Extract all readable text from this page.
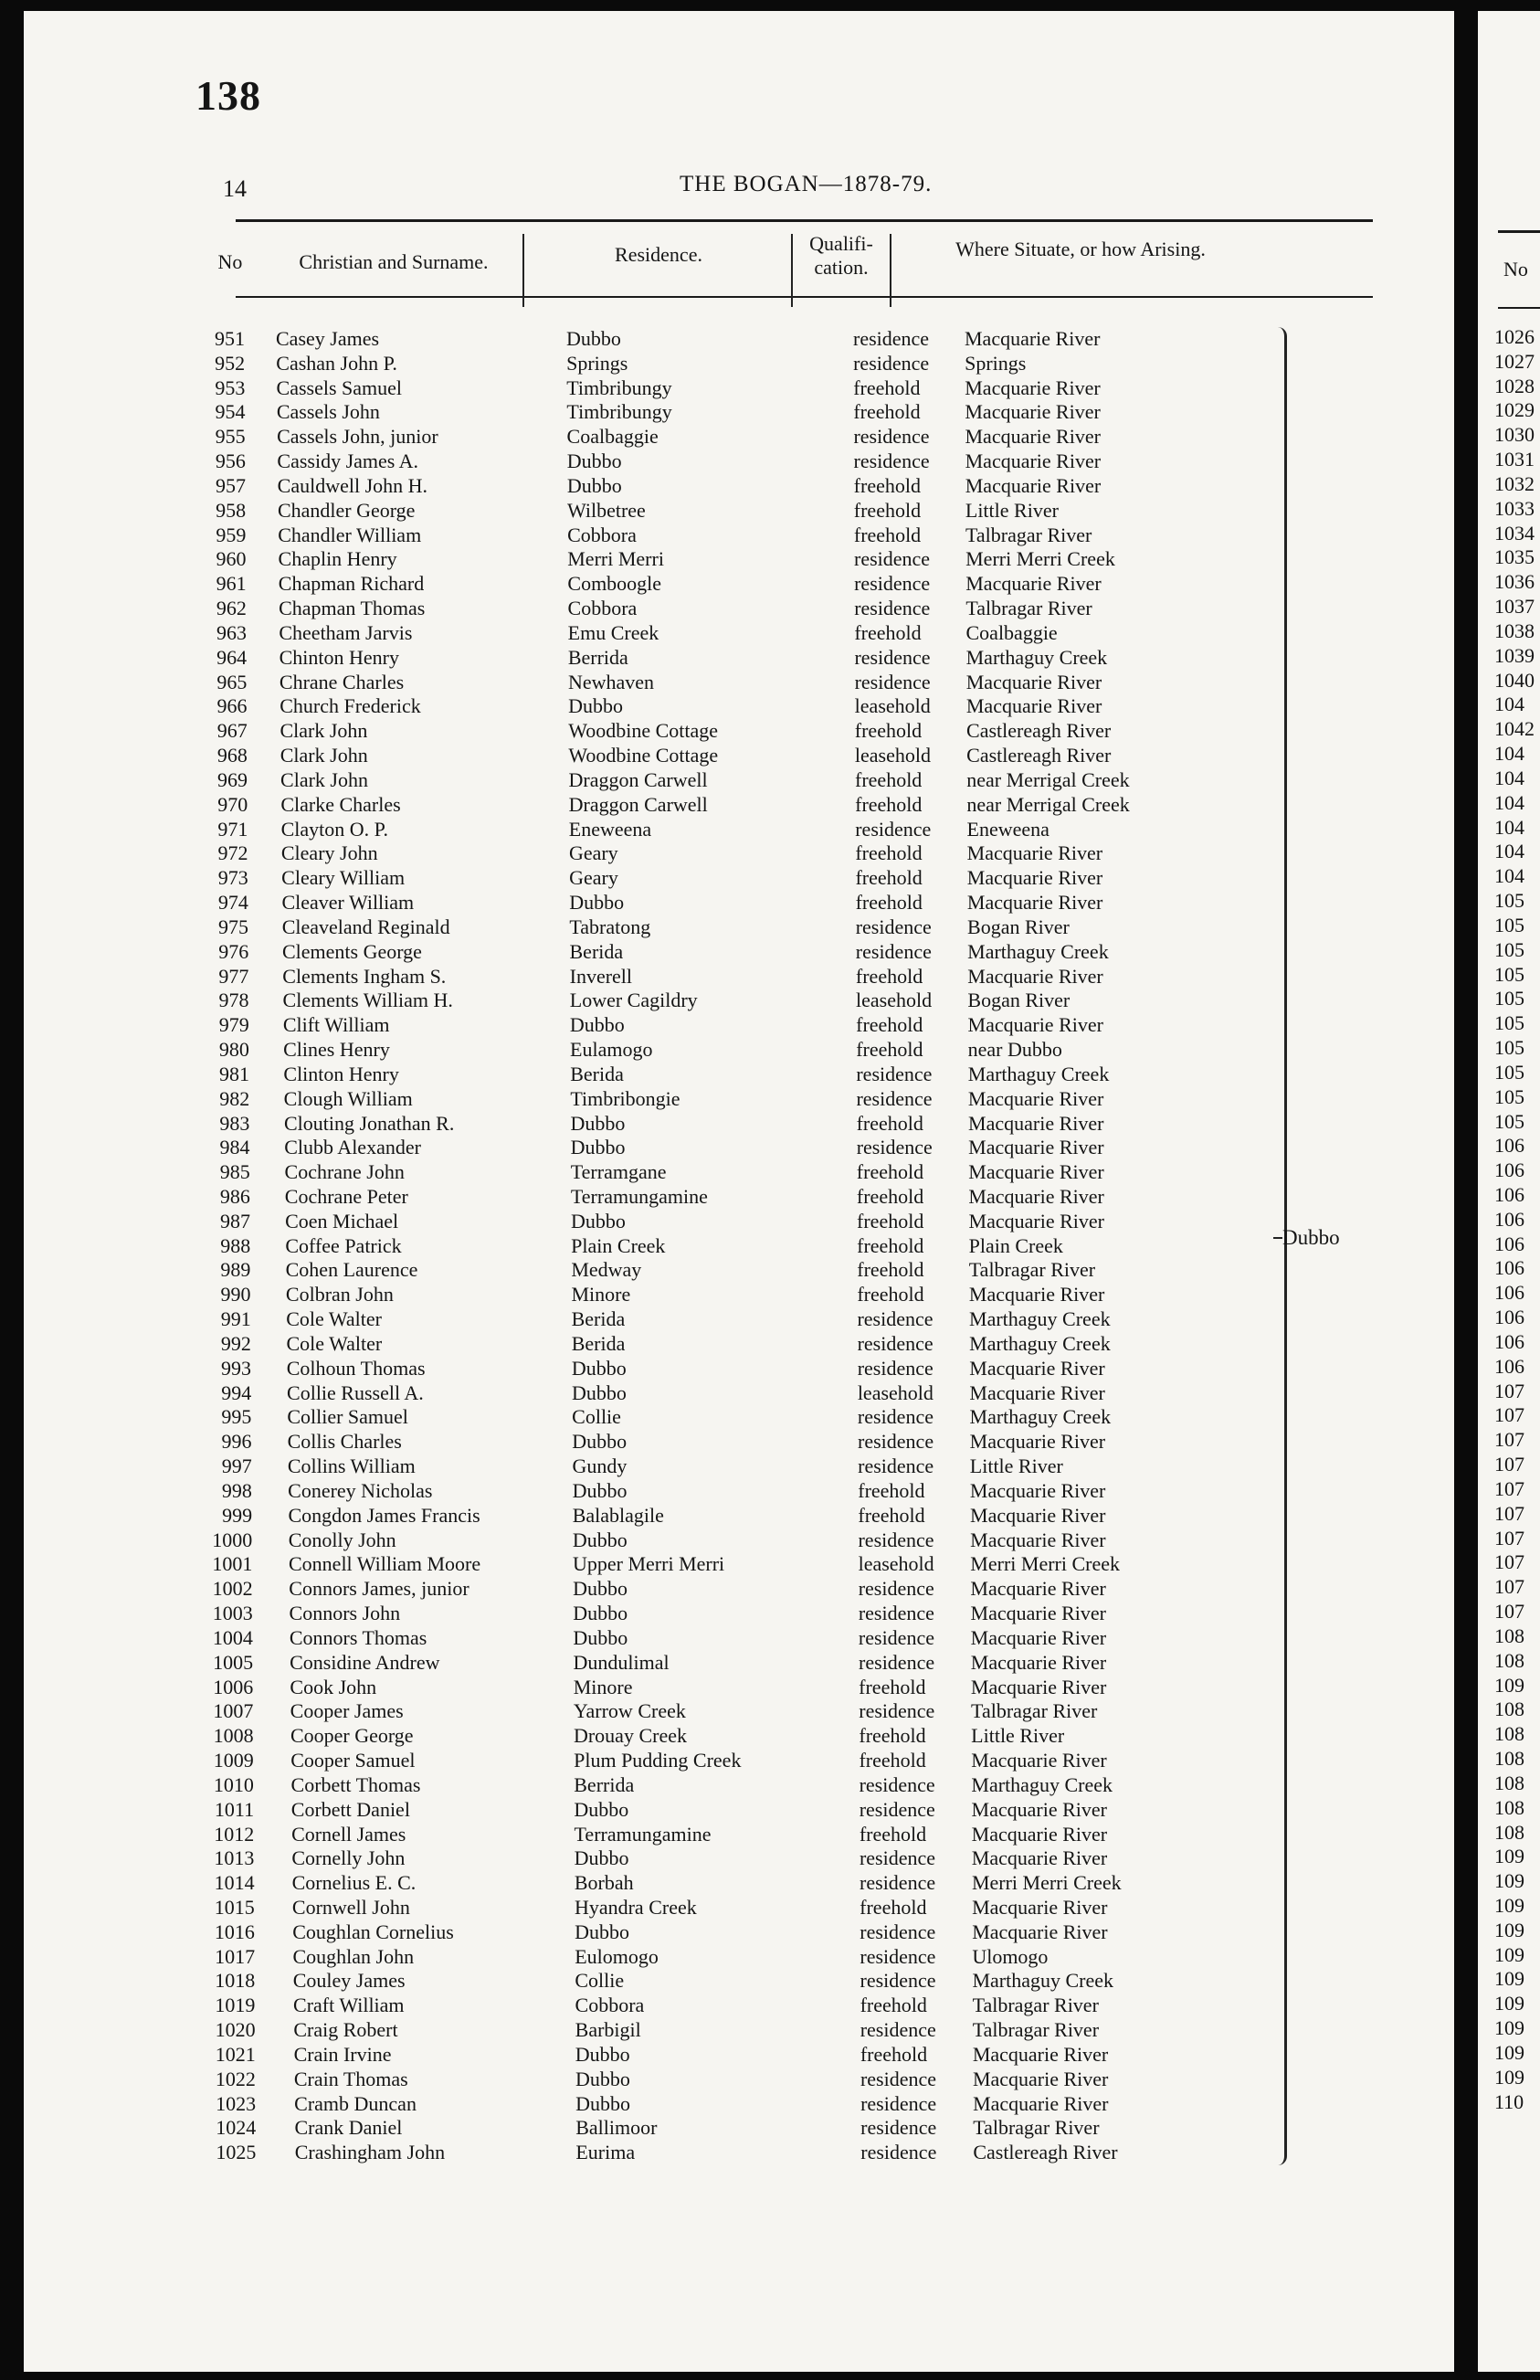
138
14	THE BOGAN—1878-79.
No	Christian and Surname.	Residence.	Qualifi-
cation.
Where Situate, or how Arising.
951 Casey James	Dubbo	residence Macquarie River
952 Cashan John P.	Springs	residence Springs
953 Cassels Samuel	Timbribungy	freehold Macquarie River
954 Cassels John	Timbribungy	freehold Macquarie River
955 Cassels John, junior	Coalbaggie	residence Macquarie River
956 Cassidy James A.	Dubbo	residence Macquarie River
957 Cauldwell John H.	Dubbo	freehold Macquarie River
958 Chandler George	Wilbetree	freehold Little River
959 Chandler William	Cobbora	freehold Talbragar River
960 Chaplin Henry	Merri Merri	residence Merri Merri Creek
961 Chapman Richard	Comboogle	residence Macquarie River
962 Chapman Thomas	Cobbora	residence Talbragar River
963 Cheetham Jarvis	Emu Creek	freehold Coalbaggie
964 Chinton Henry	Berrida	residence Marthaguy Creek
965 Chrane Charles	Newhaven	residence Macquarie River
966 Church Frederick	Dubbo	leasehold Macquarie River
967 Clark John	Woodbine Cottage	freehold Castlereagh River
968 Clark John	Woodbine Cottage	leasehold Castlereagh River
969 Clark John	Draggon Carwell	freehold near Merrigal Creek
970 Clarke Charles	Draggon Carwell	freehold near Merrigal Creek
971 Clayton O. P.	Eneweena	residence Eneweena
972 Cleary John	Geary	freehold Macquarie River
973 Cleary William	Geary	freehold Macquarie River
974 Cleaver William	Dubbo	freehold Macquarie River
975 Cleaveland Reginald	Tabratong	residence Bogan River
976 Clements George	Berida	residence Marthaguy Creek
977 Clements Ingham S.	Inverell	freehold Macquarie River
978 Clements William H.	Lower Cagildry	leasehold Bogan River
979 Clift William	Dubbo	freehold Macquarie River
980 Clines Henry	Eulamogo	freehold near Dubbo
981 Clinton Henry	Berida	residence Marthaguy Creek
982 Clough William	Timbribongie	residence Macquarie River
983 Clouting Jonathan R.	Dubbo	freehold Macquarie River
984 Clubb Alexander	Dubbo	residence Macquarie River
985 Cochrane John	Terramgane	freehold Macquarie River
986 Cochrane Peter	Terramungamine	freehold Macquarie River
987 Coen Michael	Dubbo	freehold Macquarie River
988 Coffee Patrick	Plain Creek	freehold Plain Creek
989 Cohen Laurence	Medway	freehold Talbragar River
990 Colbran John	Minore	freehold Macquarie River
991 Cole Walter	Berida	residence Marthaguy Creek
992 Cole Walter	Berida	residence Marthaguy Creek
993 Colhoun Thomas	Dubbo	residence Macquarie River
994 Collie Russell A.	Dubbo	leasehold Macquarie River
995 Collier Samuel	Collie	residence Marthaguy Creek
996 Collis Charles	Dubbo	residence Macquarie River
997 Collins William	Gundy	residence Little River
998 Conerey Nicholas	Dubbo	freehold Macquarie River
999 Congdon James Francis	Balablagile	freehold Macquarie River
1000 Conolly John	Dubbo	residence Macquarie River
1001 Connell William Moore	Upper Merri Merri	leasehold Merri Merri Creek
1002 Connors James, junior	Dubbo	residence Macquarie River
1003 Connors John	Dubbo	residence Macquarie River
1004 Connors Thomas	Dubbo	residence Macquarie River
1005 Considine Andrew	Dundulimal	residence Macquarie River
1006 Cook John	Minore	freehold Macquarie River
1007 Cooper James	Yarrow Creek	residence Talbragar River
1008 Cooper George	Drouay Creek	freehold Little River
1009 Cooper Samuel	Plum Pudding Creek	freehold Macquarie River
1010 Corbett Thomas	Berrida	residence Marthaguy Creek
1011 Corbett Daniel	Dubbo	residence Macquarie River
1012 Cornell James	Terramungamine	freehold Macquarie River
1013 Cornelly John	Dubbo	residence Macquarie River
1014 Cornelius E. C.	Borbah	residence Merri Merri Creek
1015 Cornwell John	Hyandra Creek	freehold Macquarie River
1016 Coughlan Cornelius	Dubbo	residence Macquarie River
1017 Coughlan John	Eulomogo	residence Ulomogo
1018 Couley James	Collie	residence Marthaguy Creek
1019 Craft William	Cobbora	freehold Talbragar River
1020 Craig Robert	Barbigil	residence Talbragar River
1021 Crain Irvine	Dubbo	freehold Macquarie River
1022 Crain Thomas	Dubbo	residence Macquarie River
1023 Cramb Duncan	Dubbo	residence Macquarie River
1024 Crank Daniel	Ballimoor	residence Talbragar River
1025 Crashingham John	Eurima	residence Castlereagh River
Dubbo
No
1026
1027
1028
1029
1030
1031
1032
1033
1034
1035
1036
1037
1038
1039
1040
104
1042
104
104
104
104
104
104
105
105
105
105
105
105
105
105
105
105
106
106
106
106
106
106
106
106
106
106
107
107
107
107
107
107
107
107
107
107
108
108
109
108
108
108
108
108
108
109
109
109
109
109
109
109
109
109
109
110
